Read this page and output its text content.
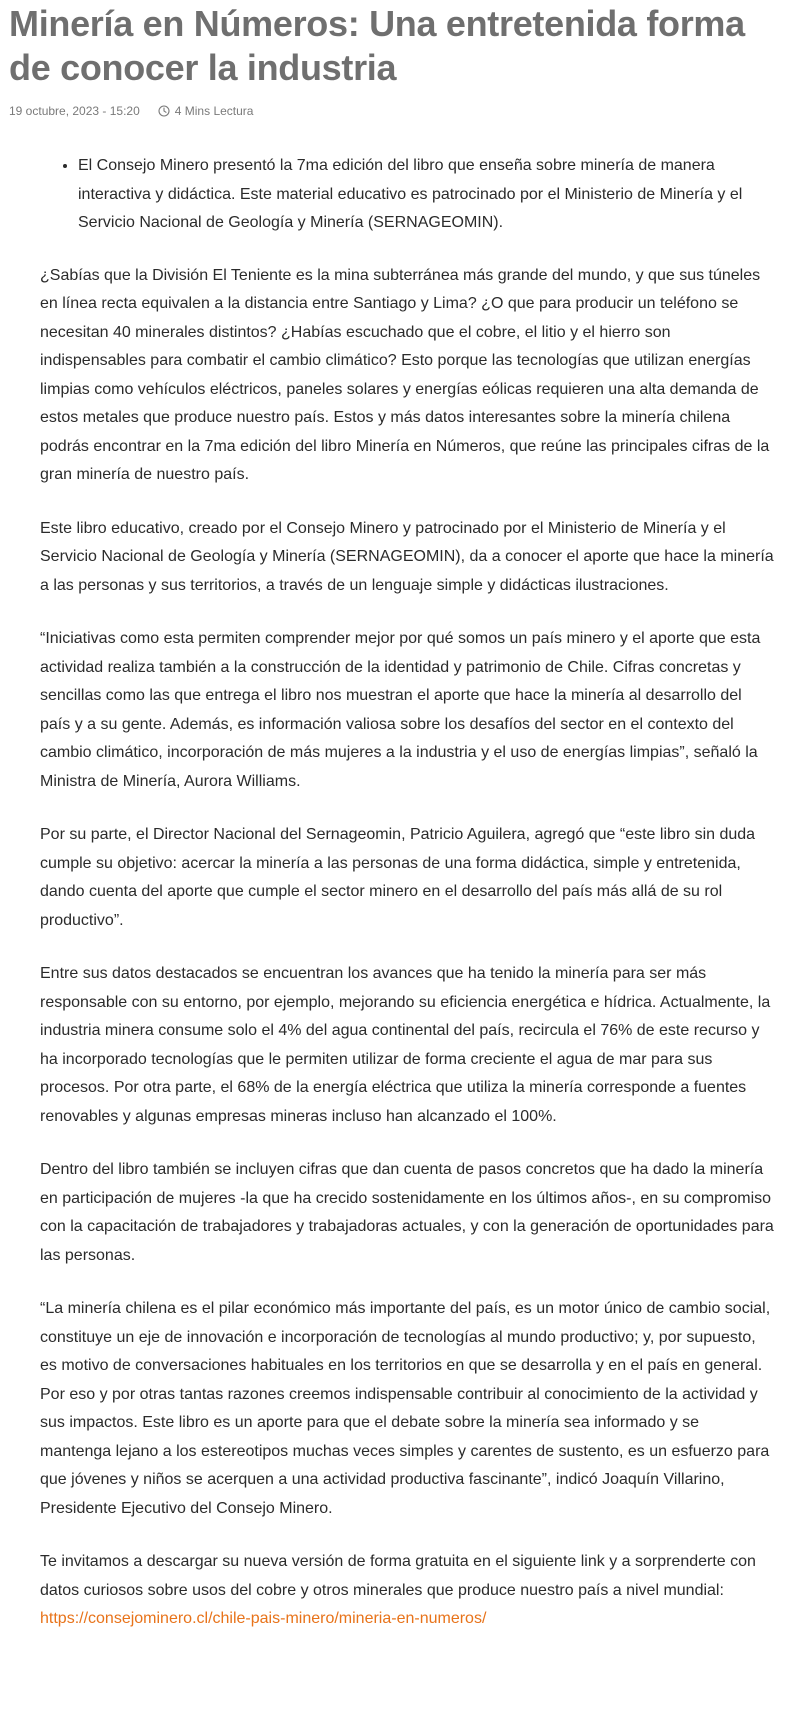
Minería en Números: Una entretenida forma de conocer la industria
19 octubre, 2023 - 15:20	4 Mins Lectura
• El Consejo Minero presentó la 7ma edición del libro que enseña sobre minería de manera interactiva y didáctica. Este material educativo es patrocinado por el Ministerio de Minería y el Servicio Nacional de Geología y Minería (SERNAGEOMIN).

¿Sabías que la División El Teniente es la mina subterránea más grande del mundo, y que sus túneles en línea recta equivalen a la distancia entre Santiago y Lima? ¿O que para producir un teléfono se necesitan 40 minerales distintos? ¿Habías escuchado que el cobre, el litio y el hierro son indispensables para combatir el cambio climático? Esto porque las tecnologías que utilizan energías limpias como vehículos eléctricos, paneles solares y energías eólicas requieren una alta demanda de estos metales que produce nuestro país. Estos y más datos interesantes sobre la minería chilena podrás encontrar en la 7ma edición del libro Minería en Números, que reúne las principales cifras de la gran minería de nuestro país.

Este libro educativo, creado por el Consejo Minero y patrocinado por el Ministerio de Minería y el Servicio Nacional de Geología y Minería (SERNAGEOMIN), da a conocer el aporte que hace la minería a las personas y sus territorios, a través de un lenguaje simple y didácticas ilustraciones.

“Iniciativas como esta permiten comprender mejor por qué somos un país minero y el aporte que esta actividad realiza también a la construcción de la identidad y patrimonio de Chile. Cifras concretas y sencillas como las que entrega el libro nos muestran el aporte que hace la minería al desarrollo del país y a su gente. Además, es información valiosa sobre los desafíos del sector en el contexto del cambio climático, incorporación de más mujeres a la industria y el uso de energías limpias”, señaló la Ministra de Minería, Aurora Williams.

Por su parte, el Director Nacional del Sernageomin, Patricio Aguilera, agregó que “este libro sin duda cumple su objetivo: acercar la minería a las personas de una forma didáctica, simple y entretenida, dando cuenta del aporte que cumple el sector minero en el desarrollo del país más allá de su rol productivo”.

Entre sus datos destacados se encuentran los avances que ha tenido la minería para ser más responsable con su entorno, por ejemplo, mejorando su eficiencia energética e hídrica. Actualmente, la industria minera consume solo el 4% del agua continental del país, recircula el 76% de este recurso y ha incorporado tecnologías que le permiten utilizar de forma creciente el agua de mar para sus procesos. Por otra parte, el 68% de la energía eléctrica que utiliza la minería corresponde a fuentes renovables y algunas empresas mineras incluso han alcanzado el 100%.

Dentro del libro también se incluyen cifras que dan cuenta de pasos concretos que ha dado la minería en participación de mujeres -la que ha crecido sostenidamente en los últimos años-, en su compromiso con la capacitación de trabajadores y trabajadoras actuales, y con la generación de oportunidades para las personas.

“La minería chilena es el pilar económico más importante del país, es un motor único de cambio social, constituye un eje de innovación e incorporación de tecnologías al mundo productivo; y, por supuesto, es motivo de conversaciones habituales en los territorios en que se desarrolla y en el país en general. Por eso y por otras tantas razones creemos indispensable contribuir al conocimiento de la actividad y sus impactos. Este libro es un aporte para que el debate sobre la minería sea informado y se mantenga lejano a los estereotipos muchas veces simples y carentes de sustento, es un esfuerzo para que jóvenes y niños se acerquen a una actividad productiva fascinante”, indicó Joaquín Villarino, Presidente Ejecutivo del Consejo Minero.

Te invitamos a descargar su nueva versión de forma gratuita en el siguiente link y a sorprenderte con datos curiosos sobre usos del cobre y otros minerales que produce nuestro país a nivel mundial: https://consejominero.cl/chile-pais-minero/mineria-en-numeros/
